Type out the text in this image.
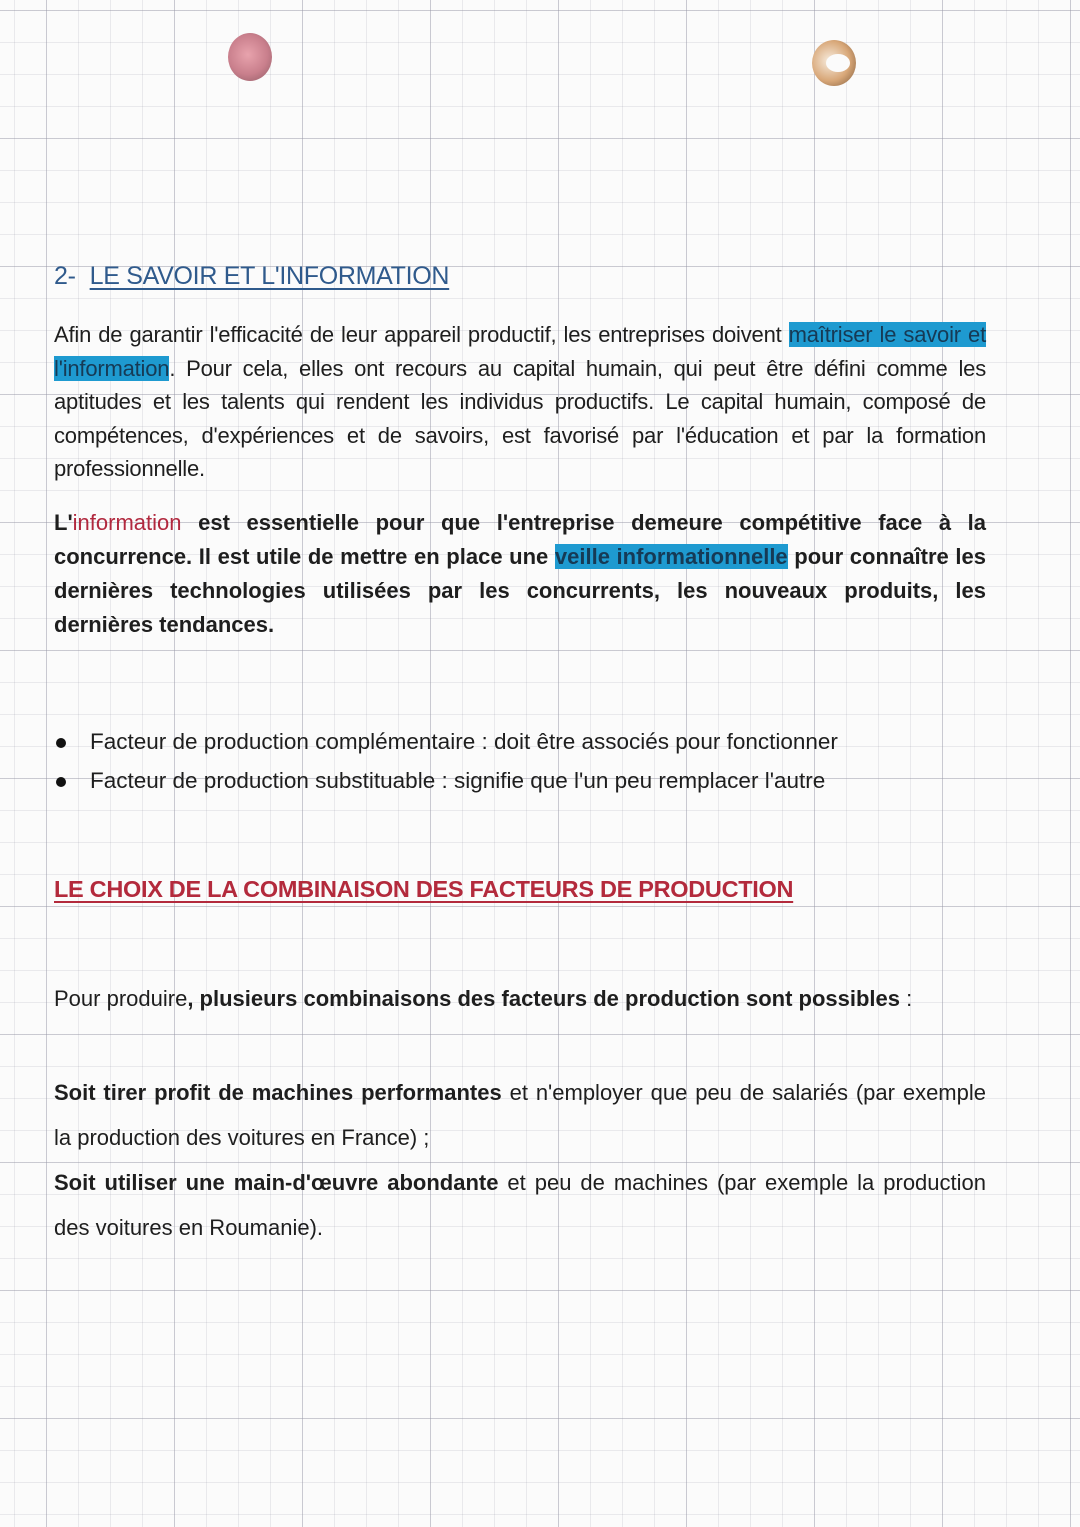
2- LE SAVOIR ET L'INFORMATION

Afin de garantir l'efficacité de leur appareil productif, les entreprises doivent maîtriser le savoir et l'information. Pour cela, elles ont recours au capital humain, qui peut être défini comme les aptitudes et les talents qui rendent les individus productifs. Le capital humain, composé de compétences, d'expériences et de savoirs, est favorisé par l'éducation et par la formation professionnelle.

L'information est essentielle pour que l'entreprise demeure compétitive face à la concurrence. Il est utile de mettre en place une veille informationnelle pour connaître les dernières technologies utilisées par les concurrents, les nouveaux produits, les dernières tendances.

Facteur de production complémentaire : doit être associés pour fonctionner
Facteur de production substituable : signifie que l'un peu remplacer l'autre
LE CHOIX DE LA COMBINAISON DES FACTEURS DE PRODUCTION

Pour produire, plusieurs combinaisons des facteurs de production sont possibles :

Soit tirer profit de machines performantes et n'employer que peu de salariés (par exemple la production des voitures en France) ;

Soit utiliser une main-d'œuvre abondante et peu de machines (par exemple la production des voitures en Roumanie).
